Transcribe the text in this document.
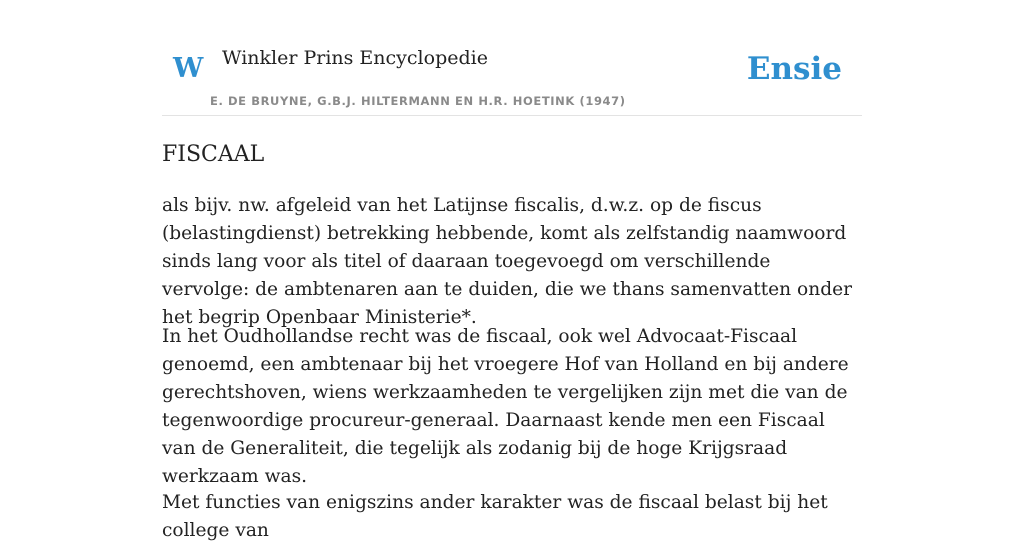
W Winkler Prins Encyclopedie
E. DE BRUYNE, G.B.J. HILTERMANN EN H.R. HOETINK (1947)
Ensie
FISCAAL

als bijv. nw. afgeleid van het Latijnse fiscalis, d.w.z. op de fiscus (belastingdienst) betrekking hebbende, komt als zelfstandig naamwoord sinds lang voor als titel of daaraan toegevoegd om verschillende vervolge: de ambtenaren aan te duiden, die we thans samenvatten onder het begrip Openbaar Ministerie*.

In het Oudhollandse recht was de fiscaal, ook wel Advocaat-Fiscaal genoemd, een ambtenaar bij het vroegere Hof van Holland en bij andere gerechtshoven, wiens werkzaamheden te vergelijken zijn met die van de tegenwoordige procureur-generaal. Daarnaast kende men een Fiscaal van de Generaliteit, die tegelijk als zodanig bij de hoge Krijgsraad werkzaam was.

Met functies van enigszins ander karakter was de fiscaal belast bij het college van
